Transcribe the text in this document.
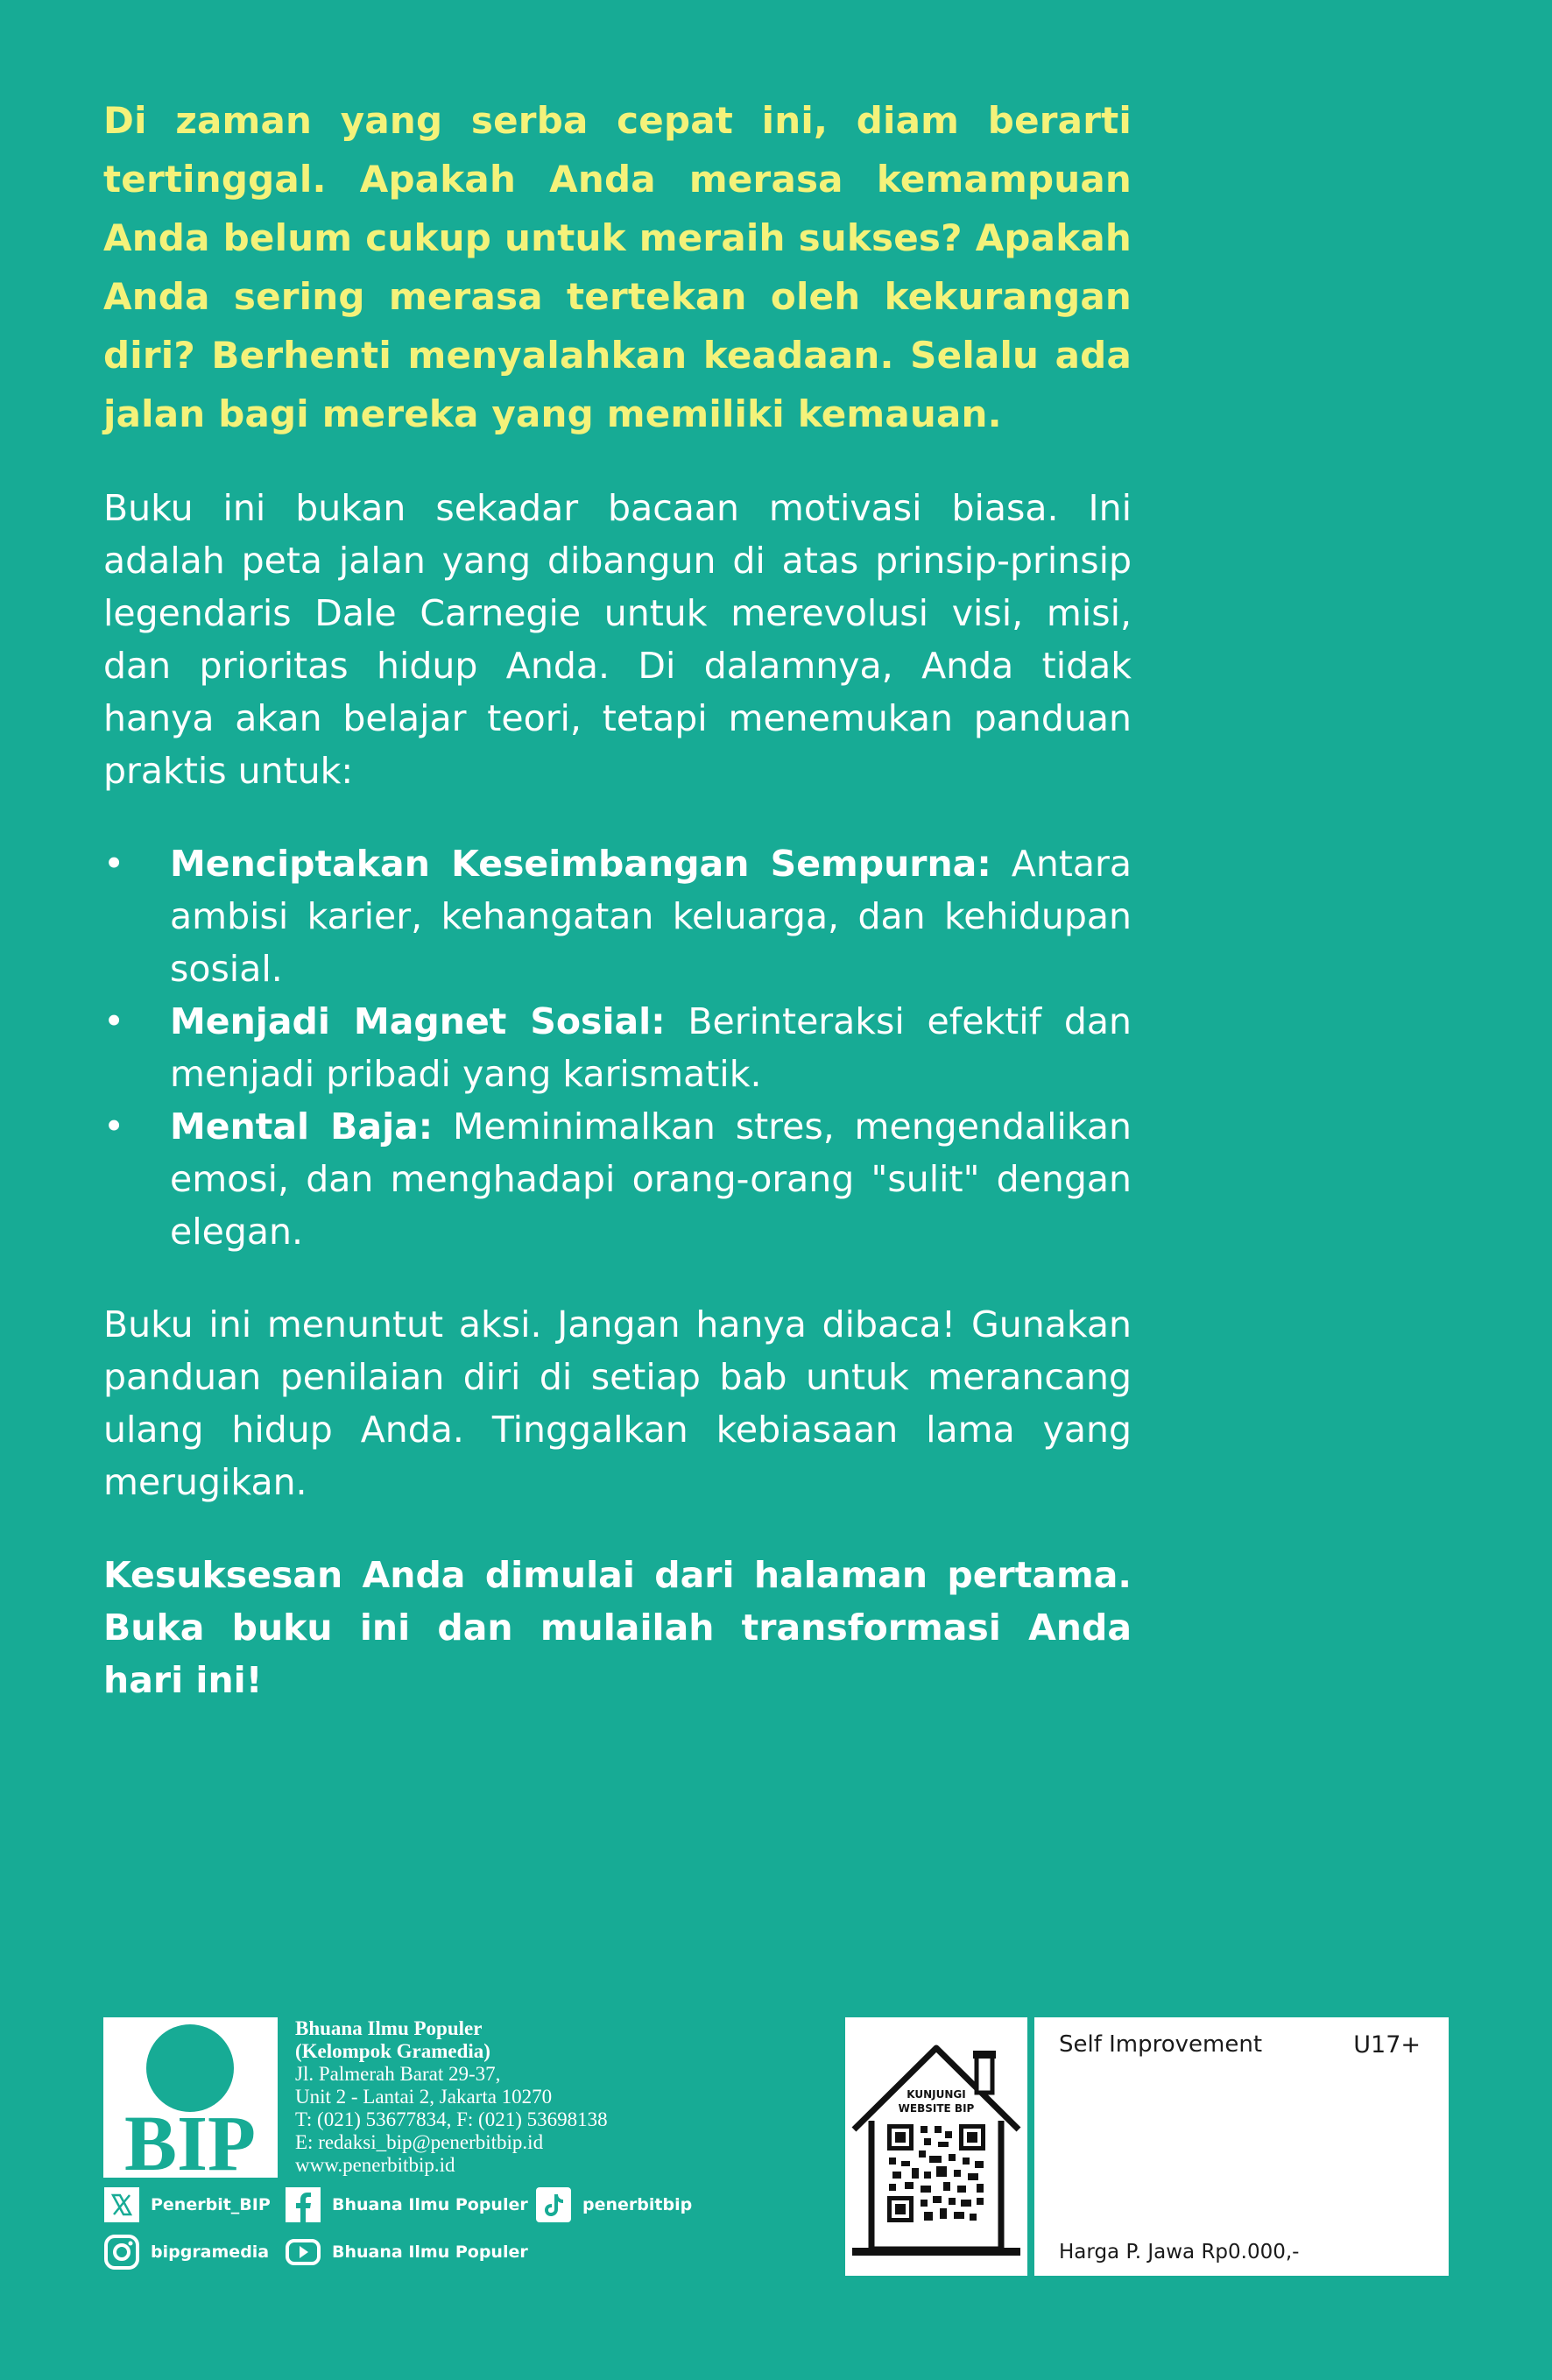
Di zaman yang serba cepat ini, diam berarti tertinggal. Apakah Anda merasa kemampuan Anda belum cukup untuk meraih sukses? Apakah Anda sering merasa tertekan oleh kekurangan diri? Berhenti menyalahkan keadaan. Selalu ada jalan bagi mereka yang memiliki kemauan.

Buku ini bukan sekadar bacaan motivasi biasa. Ini adalah peta jalan yang dibangun di atas prinsip-prinsip legendaris Dale Carnegie untuk merevolusi visi, misi, dan prioritas hidup Anda. Di dalamnya, Anda tidak hanya akan belajar teori, tetapi menemukan panduan praktis untuk:

• Menciptakan Keseimbangan Sempurna: Antara ambisi karier, kehangatan keluarga, dan kehidupan sosial.
• Menjadi Magnet Sosial: Berinteraksi efektif dan menjadi pribadi yang karismatik.
• Mental Baja: Meminimalkan stres, mengendalikan emosi, dan menghadapi orang-orang "sulit" dengan elegan.

Buku ini menuntut aksi. Jangan hanya dibaca! Gunakan panduan penilaian diri di setiap bab untuk merancang ulang hidup Anda. Tinggalkan kebiasaan lama yang merugikan.

Kesuksesan Anda dimulai dari halaman pertama. Buka buku ini dan mulailah transformasi Anda hari ini!

BIP
Bhuana Ilmu Populer
(Kelompok Gramedia)
Jl. Palmerah Barat 29-37,
Unit 2 - Lantai 2, Jakarta 10270
T: (021) 53677834, F: (021) 53698138
E: redaksi_bip@penerbitbip.id
www.penerbitbip.id
Penerbit_BIP	Bhuana Ilmu Populer	penerbitbip
bipgramedia	Bhuana Ilmu Populer
KUNJUNGI
WEBSITE BIP
Self Improvement	U17+
Harga P. Jawa Rp0.000,-
